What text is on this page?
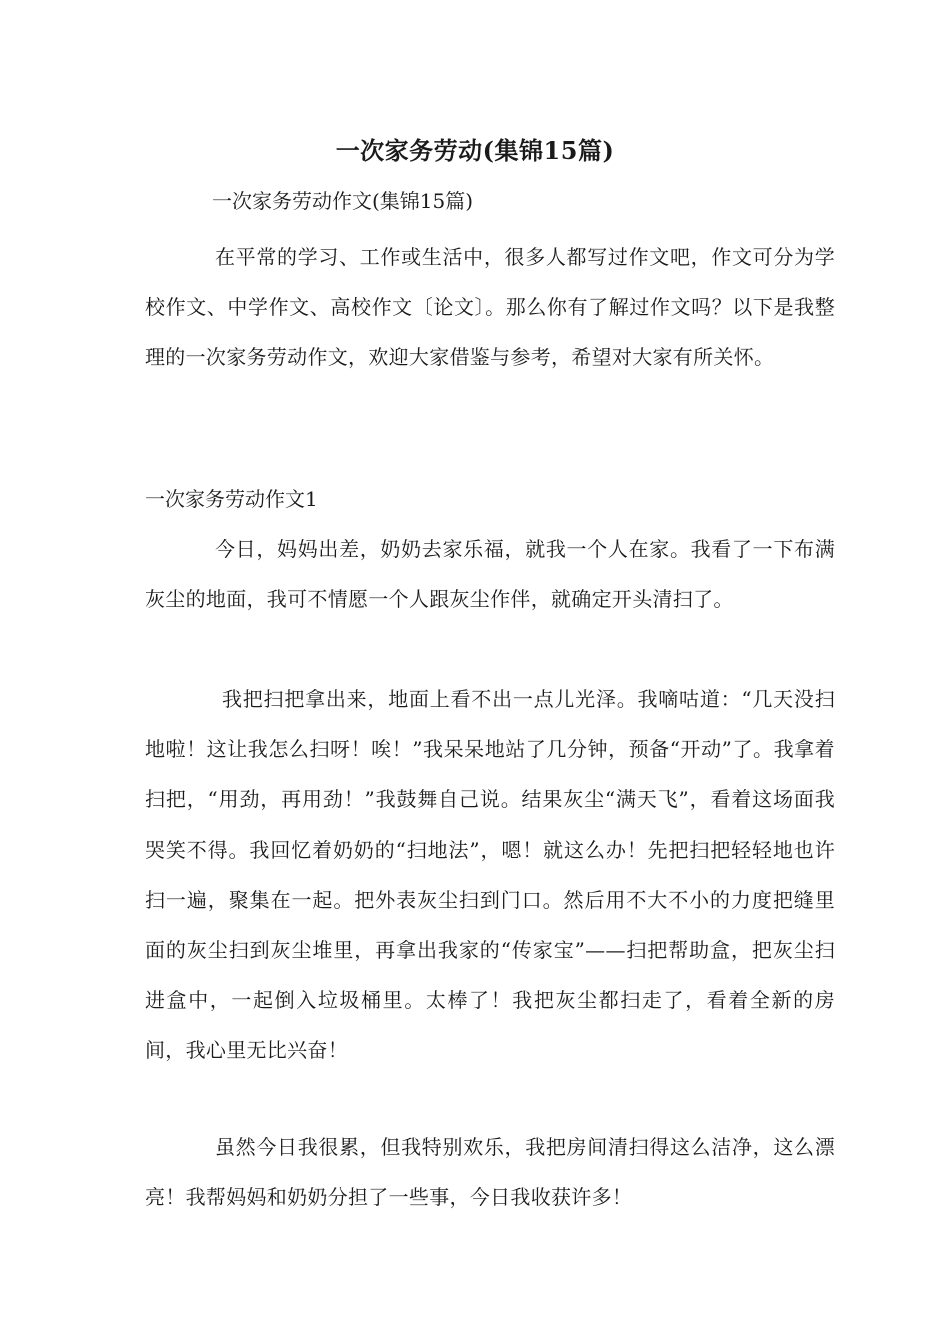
一次家务劳动(集锦15篇)

一次家务劳动作文(集锦15篇)

在平常的学习、工作或生活中，很多人都写过作文吧，作文可分为学校作文、中学作文、高校作文〔论文〕。那么你有了解过作文吗？以下是我整理的一次家务劳动作文，欢迎大家借鉴与参考，希望对大家有所关怀。

一次家务劳动作文1

今日，妈妈出差，奶奶去家乐福，就我一个人在家。我看了一下布满灰尘的地面，我可不情愿一个人跟灰尘作伴，就确定开头清扫了。

我把扫把拿出来，地面上看不出一点儿光泽。我嘀咕道：“几天没扫地啦！这让我怎么扫呀！唉！”我呆呆地站了几分钟，预备“开动”了。我拿着扫把，“用劲，再用劲！”我鼓舞自己说。结果灰尘“满天飞”，看着这场面我哭笑不得。我回忆着奶奶的“扫地法”，嗯！就这么办！先把扫把轻轻地也许扫一遍，聚集在一起。把外表灰尘扫到门口。然后用不大不小的力度把缝里面的灰尘扫到灰尘堆里，再拿出我家的“传家宝”——扫把帮助盒，把灰尘扫进盒中，一起倒入垃圾桶里。太棒了！我把灰尘都扫走了，看着全新的房间，我心里无比兴奋！

虽然今日我很累，但我特别欢乐，我把房间清扫得这么洁净，这么漂亮！我帮妈妈和奶奶分担了一些事，今日我收获许多！
